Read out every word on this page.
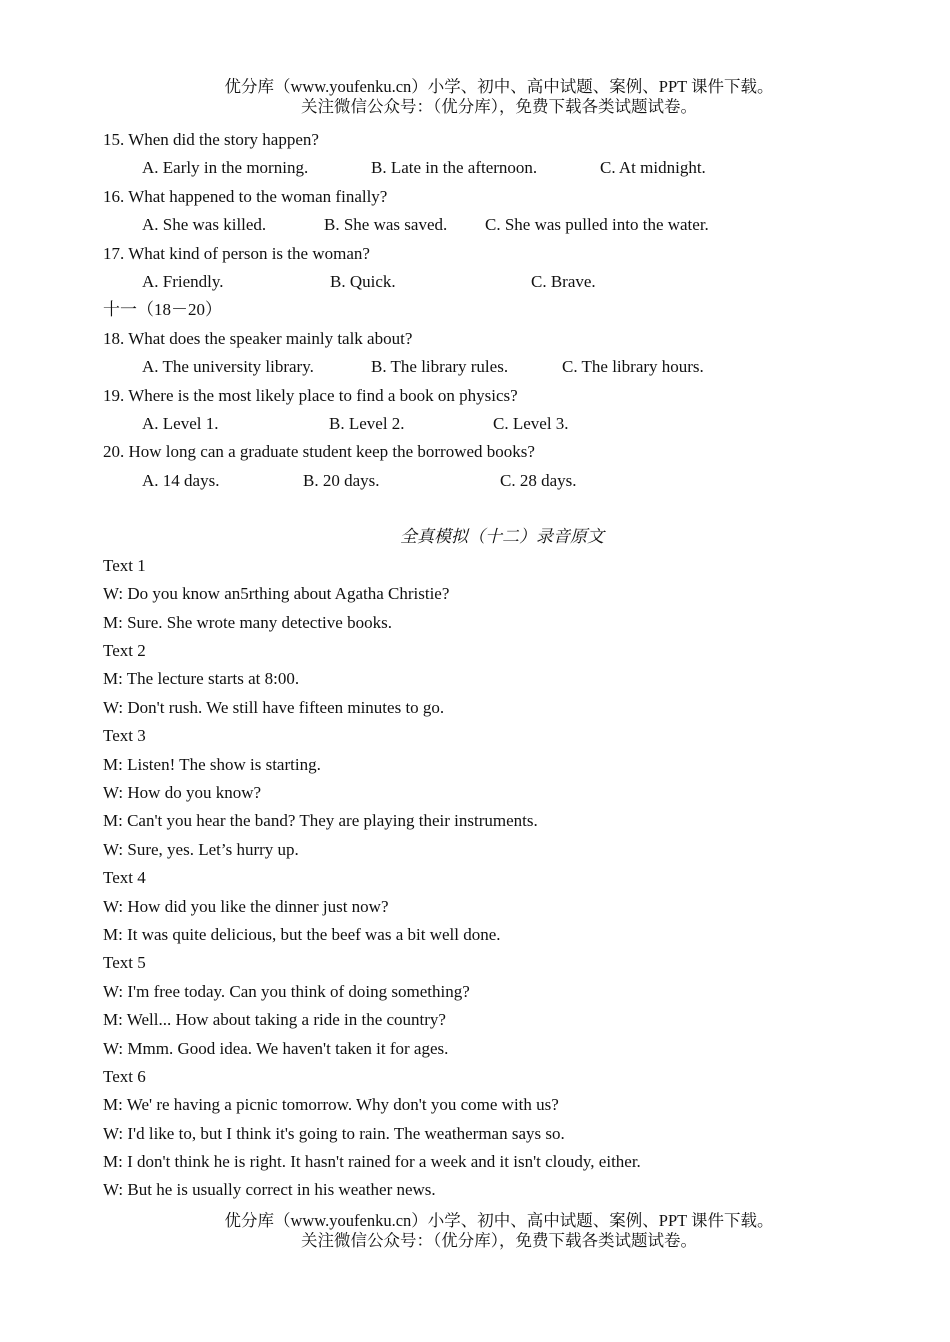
优分库（www.youfenku.cn）小学、初中、高中试题、案例、PPT 课件下载。
关注微信公众号：（优分库），免费下载各类试题试卷。
15. When did the story happen?
A. Early in the morning.	B. Late in the afternoon.	C. At midnight.
16. What happened to the woman finally?
A. She was killed.	B. She was saved. C. She was pulled into the water.
17. What kind of person is the woman?
A. Friendly.	B. Quick.	C. Brave.
十一（18－20）
18. What does the speaker mainly talk about?
A. The university library.	B. The library rules.	C. The library hours.
19. Where is the most likely place to find a book on physics?
A. Level 1.	B. Level 2.	C. Level 3.
20. How long can a graduate student keep the borrowed books?
A. 14 days.	B. 20 days.	C. 28 days.
全真模拟（十二）录音原文
Text 1
W: Do you know an5rthing about Agatha Christie?
M: Sure. She wrote many detective books.
Text 2
M: The lecture starts at 8:00.
W: Don't rush. We still have fifteen minutes to go.
Text 3
M: Listen! The show is starting.
W: How do you know?
M: Can't you hear the band? They are playing their instruments.
W: Sure, yes. Let’s hurry up.
Text 4
W: How did you like the dinner just now?
M: It was quite delicious, but the beef was a bit well done.
Text 5
W: I'm free today. Can you think of doing something?
M: Well... How about taking a ride in the country?
W: Mmm. Good idea. We haven't taken it for ages.
Text 6
M: We' re having a picnic tomorrow. Why don't you come with us?
W: I'd like to, but I think it's going to rain. The weatherman says so.
M: I don't think he is right. It hasn't rained for a week and it isn't cloudy, either.
W: But he is usually correct in his weather news.
优分库（www.youfenku.cn）小学、初中、高中试题、案例、PPT 课件下载。
关注微信公众号：（优分库），免费下载各类试题试卷。
